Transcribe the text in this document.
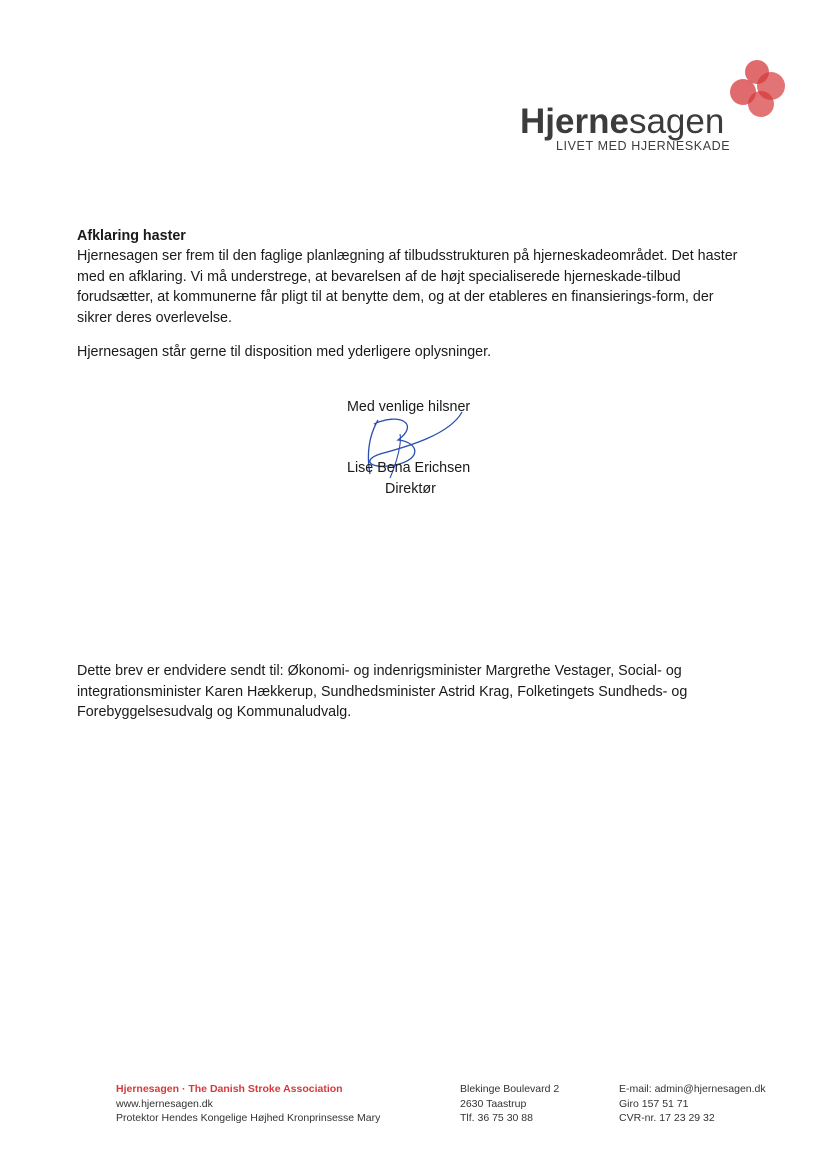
Hjernesagen
LIVET MED HJERNESKADE
Afklaring haster
Hjernesagen ser frem til den faglige planlægning af tilbudsstrukturen på hjerneskadeområdet. Det haster med en afklaring. Vi må understrege, at bevarelsen af de højt specialiserede hjerneskade-tilbud forudsætter, at kommunerne får pligt til at benytte dem, og at der etableres en finansierings-form, der sikrer deres overlevelse.
Hjernesagen står gerne til disposition med yderligere oplysninger.
Med venlige hilsner
Lise Bena Erichsen
Direktør
Dette brev er endvidere sendt til: Økonomi- og indenrigsminister Margrethe Vestager, Social- og integrationsminister Karen Hækkerup, Sundhedsminister Astrid Krag, Folketingets Sundheds- og Forebyggelsesudvalg og Kommunaludvalg.
Hjernesagen · The Danish Stroke Association
www.hjernesagen.dk
Protektor Hendes Kongelige Højhed Kronprinsesse Mary
Blekinge Boulevard 2
2630 Taastrup
Tlf. 36 75 30 88
E-mail: admin@hjernesagen.dk
Giro 157 51 71
CVR-nr. 17 23 29 32
